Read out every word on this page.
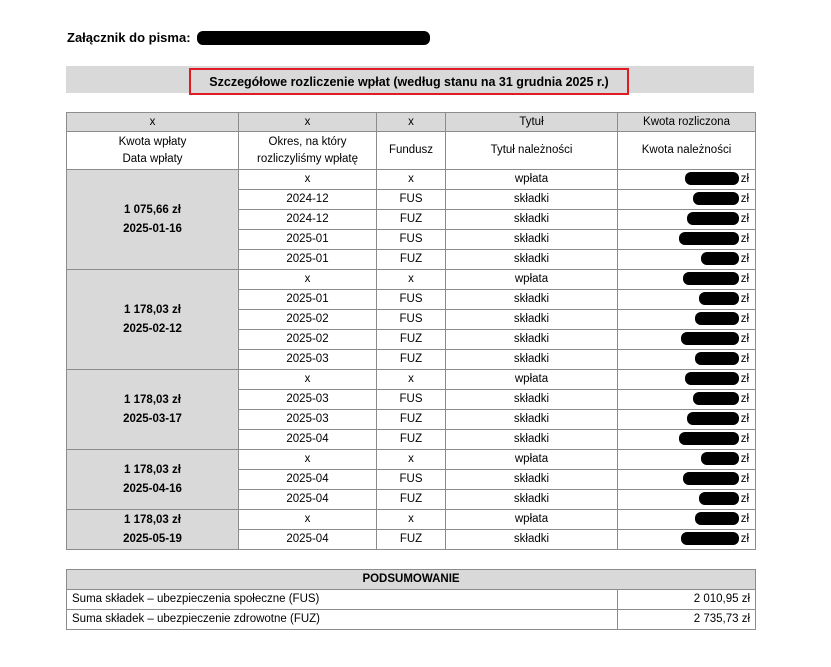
Załącznik do pisma:
Szczegółowe rozliczenie wpłat (według stanu na 31 grudnia 2025 r.)
x	x	x	Tytuł	Kwota rozliczona

Kwota wpłaty
Data wpłaty	Okres, na który rozliczyliśmy wpłatę	Fundusz	Tytuł należności	Kwota należności

1 075,66 zł
2025-01-16	x	x	wpłata	zł
	2024-12	FUS	składki	zł
	2024-12	FUZ	składki	zł
	2025-01	FUS	składki	zł
	2025-01	FUZ	składki	zł

1 178,03 zł
2025-02-12	x	x	wpłata	zł
	2025-01	FUS	składki	zł
	2025-02	FUS	składki	zł
	2025-02	FUZ	składki	zł
	2025-03	FUZ	składki	zł

1 178,03 zł
2025-03-17	x	x	wpłata	zł
	2025-03	FUS	składki	zł
	2025-03	FUZ	składki	zł
	2025-04	FUZ	składki	zł

1 178,03 zł
2025-04-16	x	x	wpłata	zł
	2025-04	FUS	składki	zł
	2025-04	FUZ	składki	zł

1 178,03 zł
2025-05-19	x	x	wpłata	zł
	2025-04	FUZ	składki	zł
PODSUMOWANIE	
Suma składek – ubezpieczenia społeczne (FUS)	2 010,95 zł
Suma składek – ubezpieczenie zdrowotne (FUZ)	2 735,73 zł
